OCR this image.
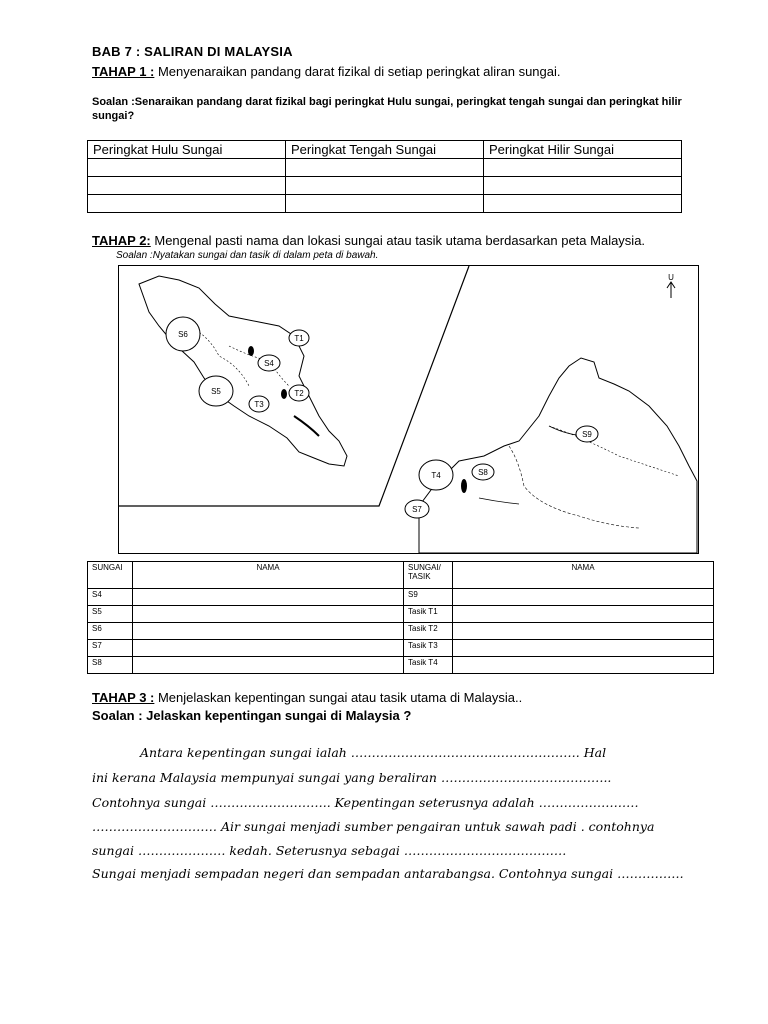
BAB 7 : SALIRAN DI MALAYSIA
TAHAP 1 : Menyenaraikan pandang darat fizikal di setiap peringkat aliran sungai.
Soalan :Senaraikan pandang darat fizikal bagi peringkat Hulu sungai, peringkat tengah sungai dan peringkat hilir sungai?
Peringkat Hulu Sungai	Peringkat Tengah Sungai	Peringkat Hilir Sungai

TAHAP 2: Mengenal pasti nama dan lokasi sungai atau tasik utama berdasarkan peta Malaysia.
Soalan :Nyatakan sungai dan tasik di dalam peta di bawah.
S6
S5
S4
T1
T2
T3
T4	S8
S9
S7
U
SUNGAI	NAMA	SUNGAI/ TASIK	NAMA
S4		S9	
S5		Tasik T1	
S6		Tasik T2	
S7		Tasik T3	
S8		Tasik T4	
TAHAP 3 : Menjelaskan kepentingan sungai atau tasik utama di Malaysia..
Soalan : Jelaskan kepentingan sungai di Malaysia ?
Antara kepentingan sungai ialah ………………………………………………. Hal
ini kerana Malaysia mempunyai sungai yang beraliran …………………………………..
Contohnya sungai ……………………….. Kepentingan seterusnya adalah ……………………
………………………… Air sungai menjadi sumber pengairan untuk sawah padi . contohnya
sungai ………………… kedah. Seterusnya sebagai …………………………………
Sungai menjadi sempadan negeri dan sempadan antarabangsa. Contohnya sungai …………….
